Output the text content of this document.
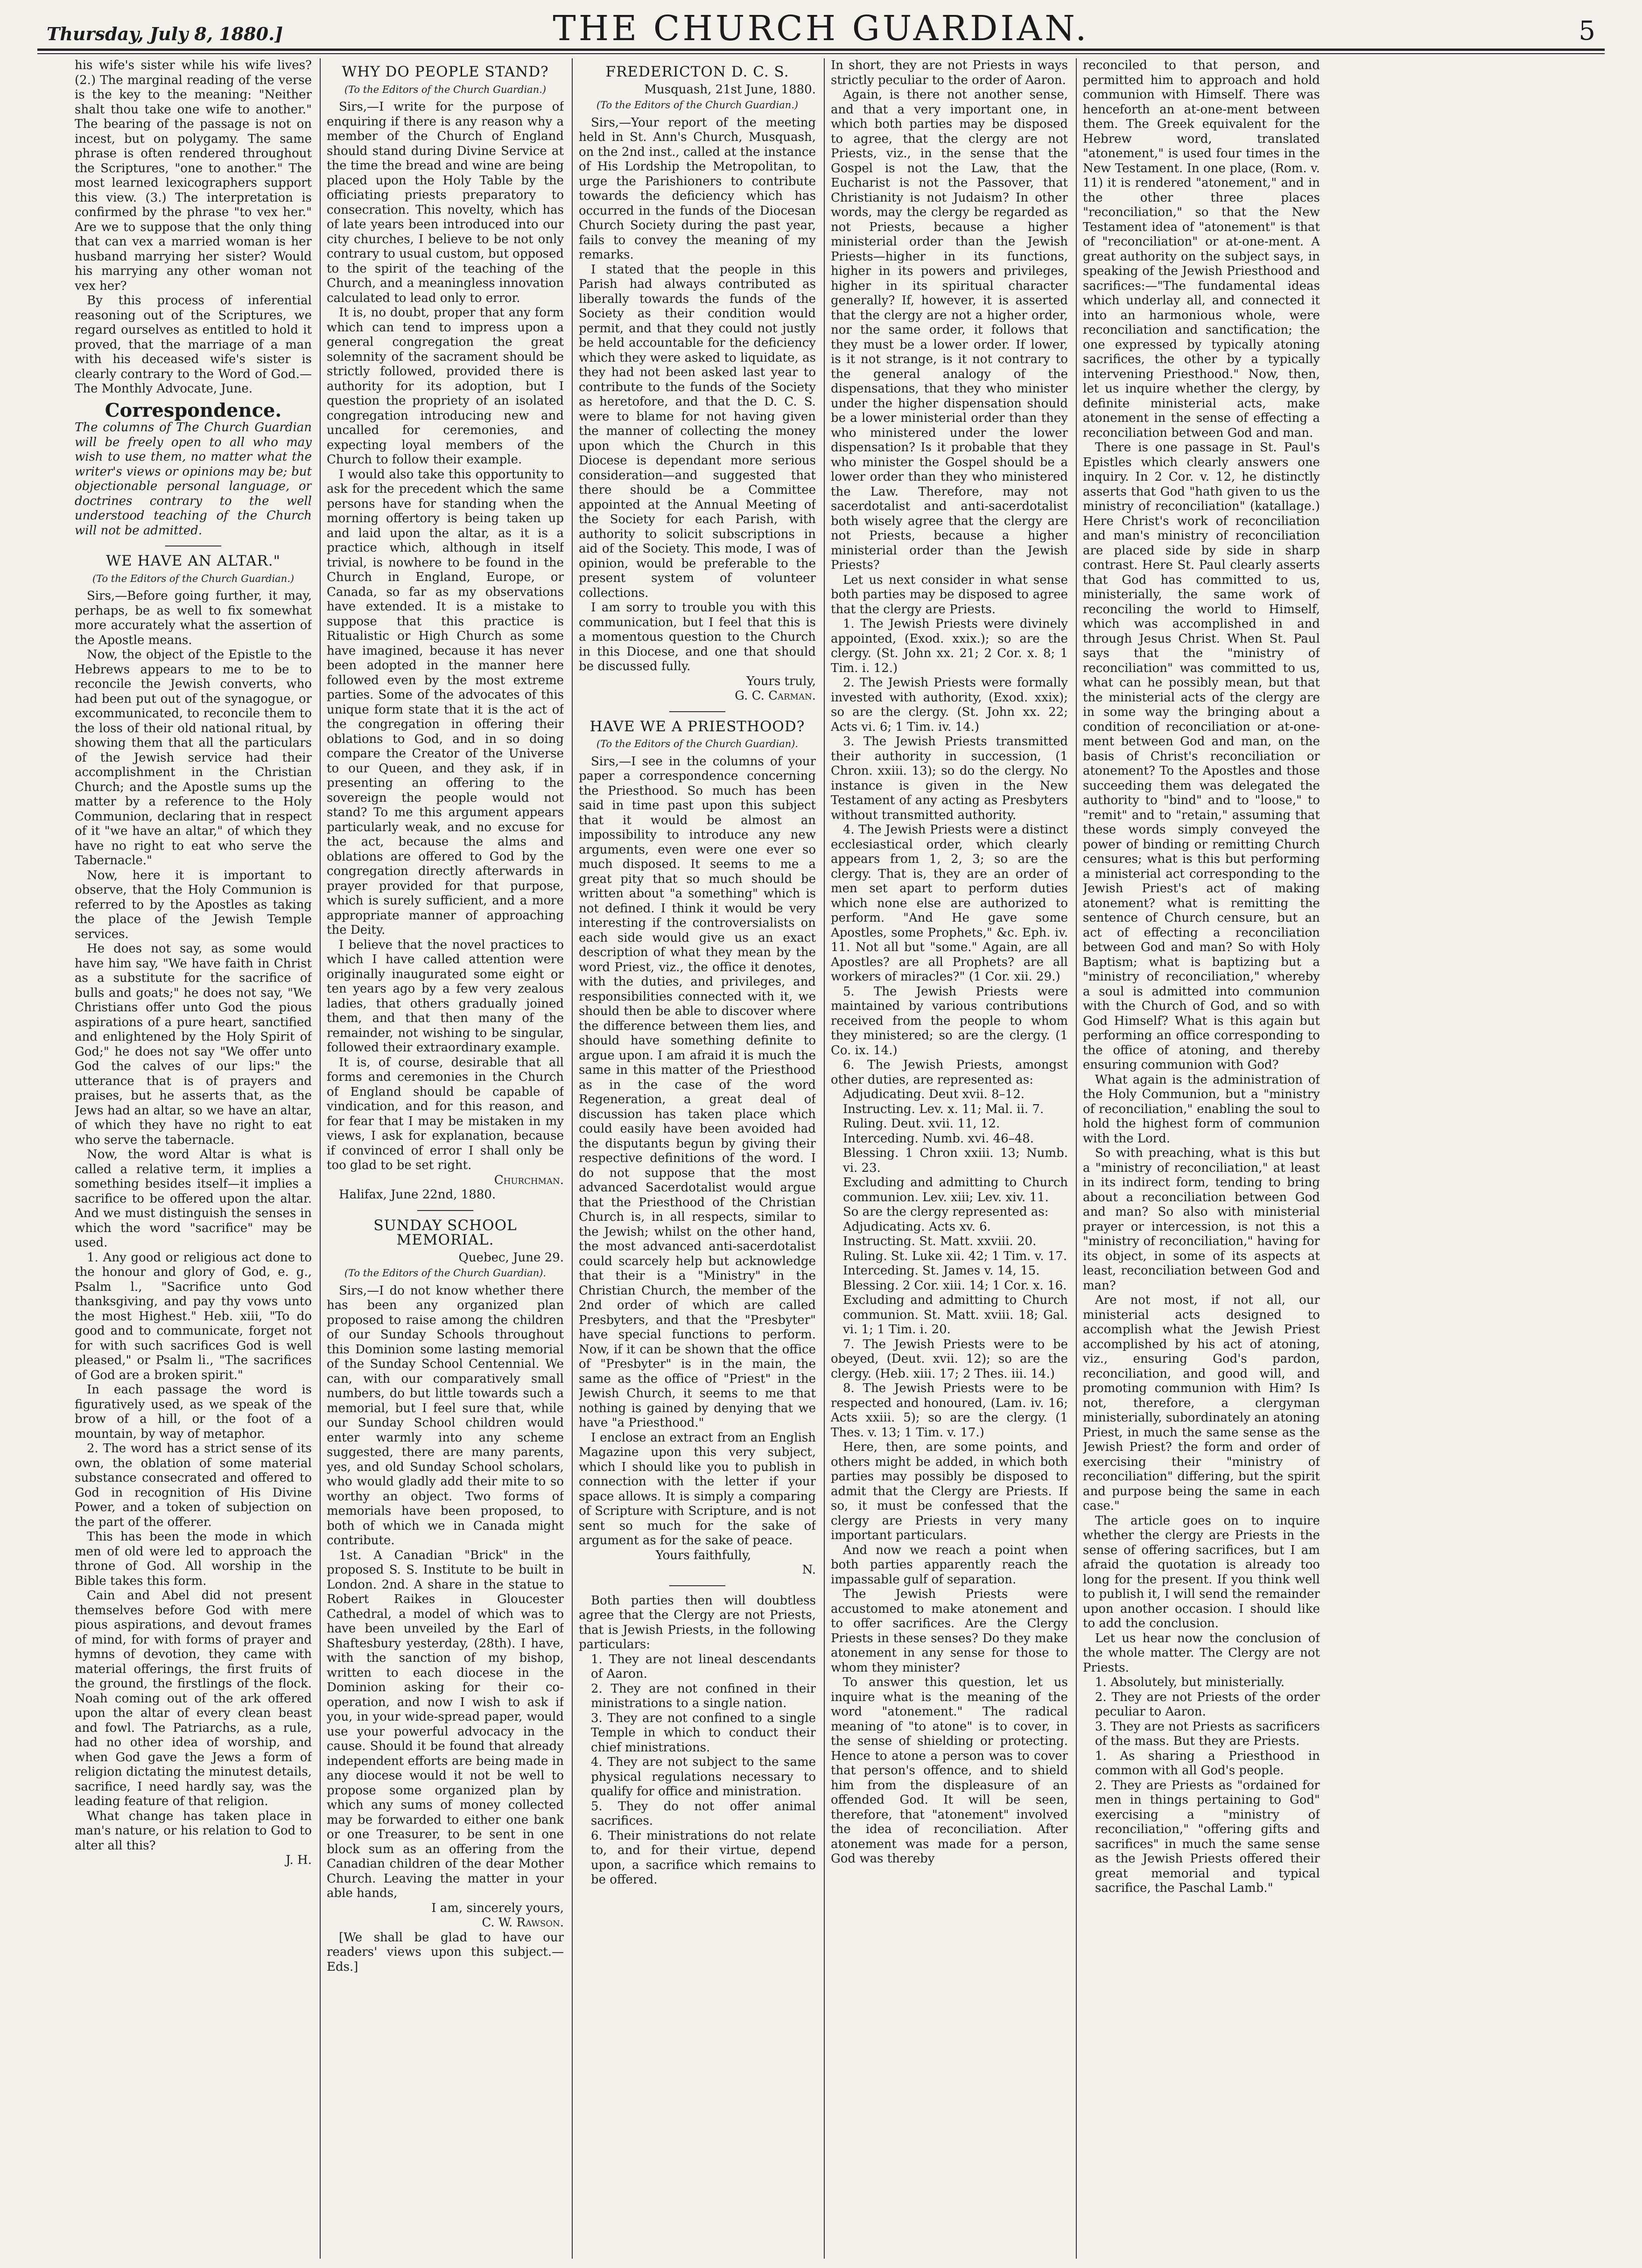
Thursday, July 8, 1880.]	THE CHURCH GUARDIAN.	5

his wife's sister while his wife lives? (2.) The marginal reading of the verse is the key to the meaning: "Neither shalt thou take one wife to another." The bearing of the passage is not on incest, but on polygamy. The same phrase is often rendered throughout the Scriptures, "one to another." The most learned lexicographers support this view. (3.) The interpretation is confirmed by the phrase "to vex her." Are we to suppose that the only thing that can vex a married woman is her husband marrying her sister? Would his marrying any other woman not vex her?

By this process of inferential reasoning out of the Scriptures, we regard ourselves as entitled to hold it proved, that the marriage of a man with his deceased wife's sister is clearly contrary to the Word of God.—The Monthly Advocate, June.

Correspondence.

The columns of The Church Guardian will be freely open to all who may wish to use them, no matter what the writer's views or opinions may be; but objectionable personal language, or doctrines contrary to the well understood teaching of the Church will not be admitted.

WE HAVE AN ALTAR."
(To the Editors of the Church Guardian.)

Sirs,—Before going further, it may, perhaps, be as well to fix somewhat more accurately what the assertion of the Apostle means.

Now, the object of the Epistle to the Hebrews appears to me to be to reconcile the Jewish converts, who had been put out of the synagogue, or excommunicated, to reconcile them to the loss of their old national ritual, by showing them that all the particulars of the Jewish service had their accomplishment in the Christian Church; and the Apostle sums up the matter by a reference to the Holy Communion, declaring that in respect of it "we have an altar," of which they have no right to eat who serve the Tabernacle."

Now, here it is important to observe, that the Holy Communion is referred to by the Apostles as taking the place of the Jewish Temple services.

He does not say, as some would have him say, "We have faith in Christ as a substitute for the sacrifice of bulls and goats;" he does not say, "We Christians offer unto God the pious aspirations of a pure heart, sanctified and enlightened by the Holy Spirit of God;" he does not say "We offer unto God the calves of our lips:" the utterance that is of prayers and praises, but he asserts that, as the Jews had an altar, so we have an altar, of which they have no right to eat who serve the tabernacle.

Now, the word Altar is what is called a relative term, it implies a something besides itself—it implies a sacrifice to be offered upon the altar. And we must distinguish the senses in which the word "sacrifice" may be used.

1. Any good or religious act done to the honour and glory of God, e. g., Psalm l., "Sacrifice unto God thanksgiving, and pay thy vows unto the most Highest." Heb. xiii, "To do good and to communicate, forget not for with such sacrifices God is well pleased," or Psalm li., "The sacrifices of God are a broken spirit."

In each passage the word is figuratively used, as we speak of the brow of a hill, or the foot of a mountain, by way of metaphor.

2. The word has a strict sense of its own, the oblation of some material substance consecrated and offered to God in recognition of His Divine Power, and a token of subjection on the part of the offerer.

This has been the mode in which men of old were led to approach the throne of God. All worship in the Bible takes this form.

Cain and Abel did not present themselves before God with mere pious aspirations, and devout frames of mind, for with forms of prayer and hymns of devotion, they came with material offerings, the first fruits of the ground, the firstlings of the flock. Noah coming out of the ark offered upon the altar of every clean beast and fowl. The Patriarchs, as a rule, had no other idea of worship, and when God gave the Jews a form of religion dictating the minutest details, sacrifice, I need hardly say, was the leading feature of that religion.

What change has taken place in man's nature, or his relation to God to alter all this?

J. H.

WHY DO PEOPLE STAND?
(To the Editors of the Church Guardian.)

Sirs,—I write for the purpose of enquiring if there is any reason why a member of the Church of England should stand during Divine Service at the time the bread and wine are being placed upon the Holy Table by the officiating priests preparatory to consecration. This novelty, which has of late years been introduced into our city churches, I believe to be not only contrary to usual custom, but opposed to the spirit of the teaching of the Church, and a meaningless innovation calculated to lead only to error.

It is, no doubt, proper that any form which can tend to impress upon a general congregation the great solemnity of the sacrament should be strictly followed, provided there is authority for its adoption, but I question the propriety of an isolated congregation introducing new and uncalled for ceremonies, and expecting loyal members of the Church to follow their example.

I would also take this opportunity to ask for the precedent which the same persons have for standing when the morning offertory is being taken up and laid upon the altar, as it is a practice which, although in itself trivial, is nowhere to be found in the Church in England, Europe, or Canada, so far as my observations have extended. It is a mistake to suppose that this practice is Ritualistic or High Church as some have imagined, because it has never been adopted in the manner here followed even by the most extreme parties. Some of the advocates of this unique form state that it is the act of the congregation in offering their oblations to God, and in so doing compare the Creator of the Universe to our Queen, and they ask, if in presenting an offering to the sovereign the people would not stand? To me this argument appears particularly weak, and no excuse for the act, because the alms and oblations are offered to God by the congregation directly afterwards in prayer provided for that purpose, which is surely sufficient, and a more appropriate manner of approaching the Deity.

I believe that the novel practices to which I have called attention were originally inaugurated some eight or ten years ago by a few very zealous ladies, that others gradually joined them, and that then many of the remainder, not wishing to be singular, followed their extraordinary example.

It is, of course, desirable that all forms and ceremonies in the Church of England should be capable of vindication, and for this reason, and for fear that I may be mistaken in my views, I ask for explanation, because if convinced of error I shall only be too glad to be set right.

Churchman.

Halifax, June 22nd, 1880.

SUNDAY SCHOOL MEMORIAL.

Quebec, June 29.

(To the Editors of the Church Guardian).

Sirs,—I do not know whether there has been any organized plan proposed to raise among the children of our Sunday Schools throughout this Dominion some lasting memorial of the Sunday School Centennial. We can, with our comparatively small numbers, do but little towards such a memorial, but I feel sure that, while our Sunday School children would enter warmly into any scheme suggested, there are many parents, yes, and old Sunday School scholars, who would gladly add their mite to so worthy an object. Two forms of memorials have been proposed, to both of which we in Canada might contribute.

1st. A Canadian "Brick" in the proposed S. S. Institute to be built in London. 2nd. A share in the statue to Robert Raikes in Gloucester Cathedral, a model of which was to have been unveiled by the Earl of Shaftesbury yesterday, (28th). I have, with the sanction of my bishop, written to each diocese in the Dominion asking for their co-operation, and now I wish to ask if you, in your wide-spread paper, would use your powerful advocacy in the cause. Should it be found that already independent efforts are being made in any diocese would it not be well to propose some organized plan by which any sums of money collected may be forwarded to either one bank or one Treasurer, to be sent in one block sum as an offering from the Canadian children of the dear Mother Church. Leaving the matter in your able hands,

I am, sincerely yours,

C. W. Rawson.

[We shall be glad to have our readers' views upon this subject.—Eds.]

FREDERICTON D. C. S.

Musquash, 21st June, 1880.

(To the Editors of the Church Guardian.)

Sirs,—Your report of the meeting held in St. Ann's Church, Musquash, on the 2nd inst., called at the instance of His Lordship the Metropolitan, to urge the Parishioners to contribute towards the deficiency which has occurred in the funds of the Diocesan Church Society during the past year, fails to convey the meaning of my remarks.

I stated that the people in this Parish had always contributed as liberally towards the funds of the Society as their condition would permit, and that they could not justly be held accountable for the deficiency which they were asked to liquidate, as they had not been asked last year to contribute to the funds of the Society as heretofore, and that the D. C. S. were to blame for not having given the manner of collecting the money upon which the Church in this Diocese is dependant more serious consideration—and suggested that there should be a Committee appointed at the Annual Meeting of the Society for each Parish, with authority to solicit subscriptions in aid of the Society. This mode, I was of opinion, would be preferable to the present system of volunteer collections.

I am sorry to trouble you with this communication, but I feel that this is a momentous question to the Church in this Diocese, and one that should be discussed fully.

Yours truly,

G. C. Carman.

HAVE WE A PRIESTHOOD?
(To the Editors of the Church Guardian).

Sirs,—I see in the columns of your paper a correspondence concerning the Priesthood. So much has been said in time past upon this subject that it would be almost an impossibility to introduce any new arguments, even were one ever so much disposed. It seems to me a great pity that so much should be written about "a something" which is not defined. I think it would be very interesting if the controversialists on each side would give us an exact description of what they mean by the word Priest, viz., the office it denotes, with the duties, and privileges, and responsibilities connected with it, we should then be able to discover where the difference between them lies, and should have something definite to argue upon. I am afraid it is much the same in this matter of the Priesthood as in the case of the word Regeneration, a great deal of discussion has taken place which could easily have been avoided had the disputants begun by giving their respective definitions of the word. I do not suppose that the most advanced Sacerdotalist would argue that the Priesthood of the Christian Church is, in all respects, similar to the Jewish; whilst on the other hand, the most advanced anti-sacerdotalist could scarcely help but acknowledge that their is a "Ministry" in the Christian Church, the member of the 2nd order of which are called Presbyters, and that the "Presbyter" have special functions to perform. Now, if it can be shown that the office of "Presbyter" is in the main, the same as the office of "Priest" in the Jewish Church, it seems to me that nothing is gained by denying that we have "a Priesthood."

I enclose an extract from an English Magazine upon this very subject, which I should like you to publish in connection with the letter if your space allows. It is simply a comparing of Scripture with Scripture, and is not sent so much for the sake of argument as for the sake of peace.

Yours faithfully,

N.

Both parties then will doubtless agree that the Clergy are not Priests, that is Jewish Priests, in the following particulars:

1. They are not lineal descendants of Aaron.

2. They are not confined in their ministrations to a single nation.

3. They are not confined to a single Temple in which to conduct their chief ministrations.

4. They are not subject to the same physical regulations necessary to qualify for office and ministration.

5. They do not offer animal sacrifices.

6. Their ministrations do not relate to, and for their virtue, depend upon, a sacrifice which remains to be offered.

In short, they are not Priests in ways strictly peculiar to the order of Aaron.

Again, is there not another sense, and that a very important one, in which both parties may be disposed to agree, that the clergy are not Priests, viz., in the sense that the Gospel is not the Law, that the Eucharist is not the Passover, that Christianity is not Judaism? In other words, may the clergy be regarded as not Priests, because a higher ministerial order than the Jewish Priests—higher in its functions, higher in its powers and privileges, higher in its spiritual character generally? If, however, it is asserted that the clergy are not a higher order, nor the same order, it follows that they must be a lower order. If lower, is it not strange, is it not contrary to the general analogy of the dispensations, that they who minister under the higher dispensation should be a lower ministerial order than they who ministered under the lower dispensation? Is it probable that they who minister the Gospel should be a lower order than they who ministered the Law. Therefore, may not sacerdotalist and anti-sacerdotalist both wisely agree that the clergy are not Priests, because a higher ministerial order than the Jewish Priests?

Let us next consider in what sense both parties may be disposed to agree that the clergy are Priests.

1. The Jewish Priests were divinely appointed, (Exod. xxix.); so are the clergy. (St. John xx. 21; 2 Cor. x. 8; 1 Tim. i. 12.)

2. The Jewish Priests were formally invested with authority, (Exod. xxix); so are the clergy. (St. John xx. 22; Acts vi. 6; 1 Tim. iv. 14.)

3. The Jewish Priests transmitted their authority in succession, (1 Chron. xxiii. 13); so do the clergy. No instance is given in the New Testament of any acting as Presbyters without transmitted authority.

4. The Jewish Priests were a distinct ecclesiastical order, which clearly appears from 1, 2, 3; so are the clergy. That is, they are an order of men set apart to perform duties which none else are authorized to perform. "And He gave some Apostles, some Prophets," &c. Eph. iv. 11. Not all but "some." Again, are all Apostles? are all Prophets? are all workers of miracles?" (1 Cor. xii. 29.)

5. The Jewish Priests were maintained by various contributions received from the people to whom they ministered; so are the clergy. (1 Co. ix. 14.)

6. The Jewish Priests, amongst other duties, are represented as:

Adjudicating. Deut xvii. 8–12.

Instructing. Lev. x. 11; Mal. ii. 7.

Ruling. Deut. xvii. 11, 12.

Interceding. Numb. xvi. 46–48.

Blessing. 1 Chron xxiii. 13; Numb. vi. 23.

Excluding and admitting to Church communion. Lev. xiii; Lev. xiv. 11.

So are the clergy represented as:

Adjudicating. Acts xv. 6.

Instructing. St. Matt. xxviii. 20.

Ruling. St. Luke xii. 42; 1 Tim. v. 17.

Interceding. St. James v. 14, 15.

Blessing. 2 Cor. xiii. 14; 1 Cor. x. 16.

Excluding and admitting to Church communion. St. Matt. xviii. 18; Gal. vi. 1; 1 Tim. i. 20.

7. The Jewish Priests were to be obeyed, (Deut. xvii. 12); so are the clergy. (Heb. xiii. 17; 2 Thes. iii. 14.)

8. The Jewish Priests were to be respected and honoured, (Lam. iv. 16; Acts xxiii. 5); so are the clergy. (1 Thes. v. 13; 1 Tim. v. 17.)

Here, then, are some points, and others might be added, in which both parties may possibly be disposed to admit that the Clergy are Priests. If so, it must be confessed that the clergy are Priests in very many important particulars.

And now we reach a point when both parties apparently reach the impassable gulf of separation.

The Jewish Priests were accustomed to make atonement and to offer sacrifices. Are the Clergy Priests in these senses? Do they make atonement in any sense for those to whom they minister?

To answer this question, let us inquire what is the meaning of the word "atonement." The radical meaning of "to atone" is to cover, in the sense of shielding or protecting. Hence to atone a person was to cover that person's offence, and to shield him from the displeasure of an offended God. It will be seen, therefore, that "atonement" involved the idea of reconciliation. After atonement was made for a person, God was thereby

reconciled to that person, and permitted him to approach and hold communion with Himself. There was henceforth an at-one-ment between them. The Greek equivalent for the Hebrew word, translated "atonement," is used four times in the New Testament. In one place, (Rom. v. 11) it is rendered "atonement," and in the other three places "reconciliation," so that the New Testament idea of "atonement" is that of "reconciliation" or at-one-ment. A great authority on the subject says, in speaking of the Jewish Priesthood and sacrifices:—"The fundamental ideas which underlay all, and connected it into an harmonious whole, were reconciliation and sanctification; the one expressed by typically atoning sacrifices, the other by a typically intervening Priesthood." Now, then, let us inquire whether the clergy, by definite ministerial acts, make atonement in the sense of effecting a reconciliation between God and man.

There is one passage in St. Paul's Epistles which clearly answers one inquiry. In 2 Cor. v. 12, he distinctly asserts that God "hath given to us the ministry of reconciliation" (katallage.) Here Christ's work of reconciliation and man's ministry of reconciliation are placed side by side in sharp contrast. Here St. Paul clearly asserts that God has committed to us, ministerially, the same work of reconciling the world to Himself, which was accomplished in and through Jesus Christ. When St. Paul says that the "ministry of reconciliation" was committed to us, what can he possibly mean, but that the ministerial acts of the clergy are in some way the bringing about a condition of reconciliation or at-one-ment between God and man, on the basis of Christ's reconciliation or atonement? To the Apostles and those succeeding them was delegated the authority to "bind" and to "loose," to "remit" and to "retain," assuming that these words simply conveyed the power of binding or remitting Church censures; what is this but performing a ministerial act corresponding to the Jewish Priest's act of making atonement? what is remitting the sentence of Church censure, but an act of effecting a reconciliation between God and man? So with Holy Baptism; what is baptizing but a "ministry of reconciliation," whereby a soul is admitted into communion with the Church of God, and so with God Himself? What is this again but performing an office corresponding to the office of atoning, and thereby ensuring communion with God?

What again is the administration of the Holy Communion, but a "ministry of reconciliation," enabling the soul to hold the highest form of communion with the Lord.

So with preaching, what is this but a "ministry of reconciliation," at least in its indirect form, tending to bring about a reconciliation between God and man? So also with ministerial prayer or intercession, is not this a "ministry of reconciliation," having for its object, in some of its aspects at least, reconciliation between God and man?

Are not most, if not all, our ministerial acts designed to accomplish what the Jewish Priest accomplished by his act of atoning, viz., ensuring God's pardon, reconciliation, and good will, and promoting communion with Him? Is not, therefore, a clergyman ministerially, subordinately an atoning Priest, in much the same sense as the Jewish Priest? the form and order of exercising their "ministry of reconciliation" differing, but the spirit and purpose being the same in each case."

The article goes on to inquire whether the clergy are Priests in the sense of offering sacrifices, but I am afraid the quotation is already too long for the present. If you think well to publish it, I will send the remainder upon another occasion. I should like to add the conclusion.

Let us hear now the conclusion of the whole matter. The Clergy are not Priests.

1. Absolutely, but ministerially.

2. They are not Priests of the order peculiar to Aaron.

3. They are not Priests as sacrificers of the mass. But they are Priests.

1. As sharing a Priesthood in common with all God's people.

2. They are Priests as "ordained for men in things pertaining to God" exercising a "ministry of reconciliation," "offering gifts and sacrifices" in much the same sense as the Jewish Priests offered their great memorial and typical sacrifice, the Paschal Lamb."
